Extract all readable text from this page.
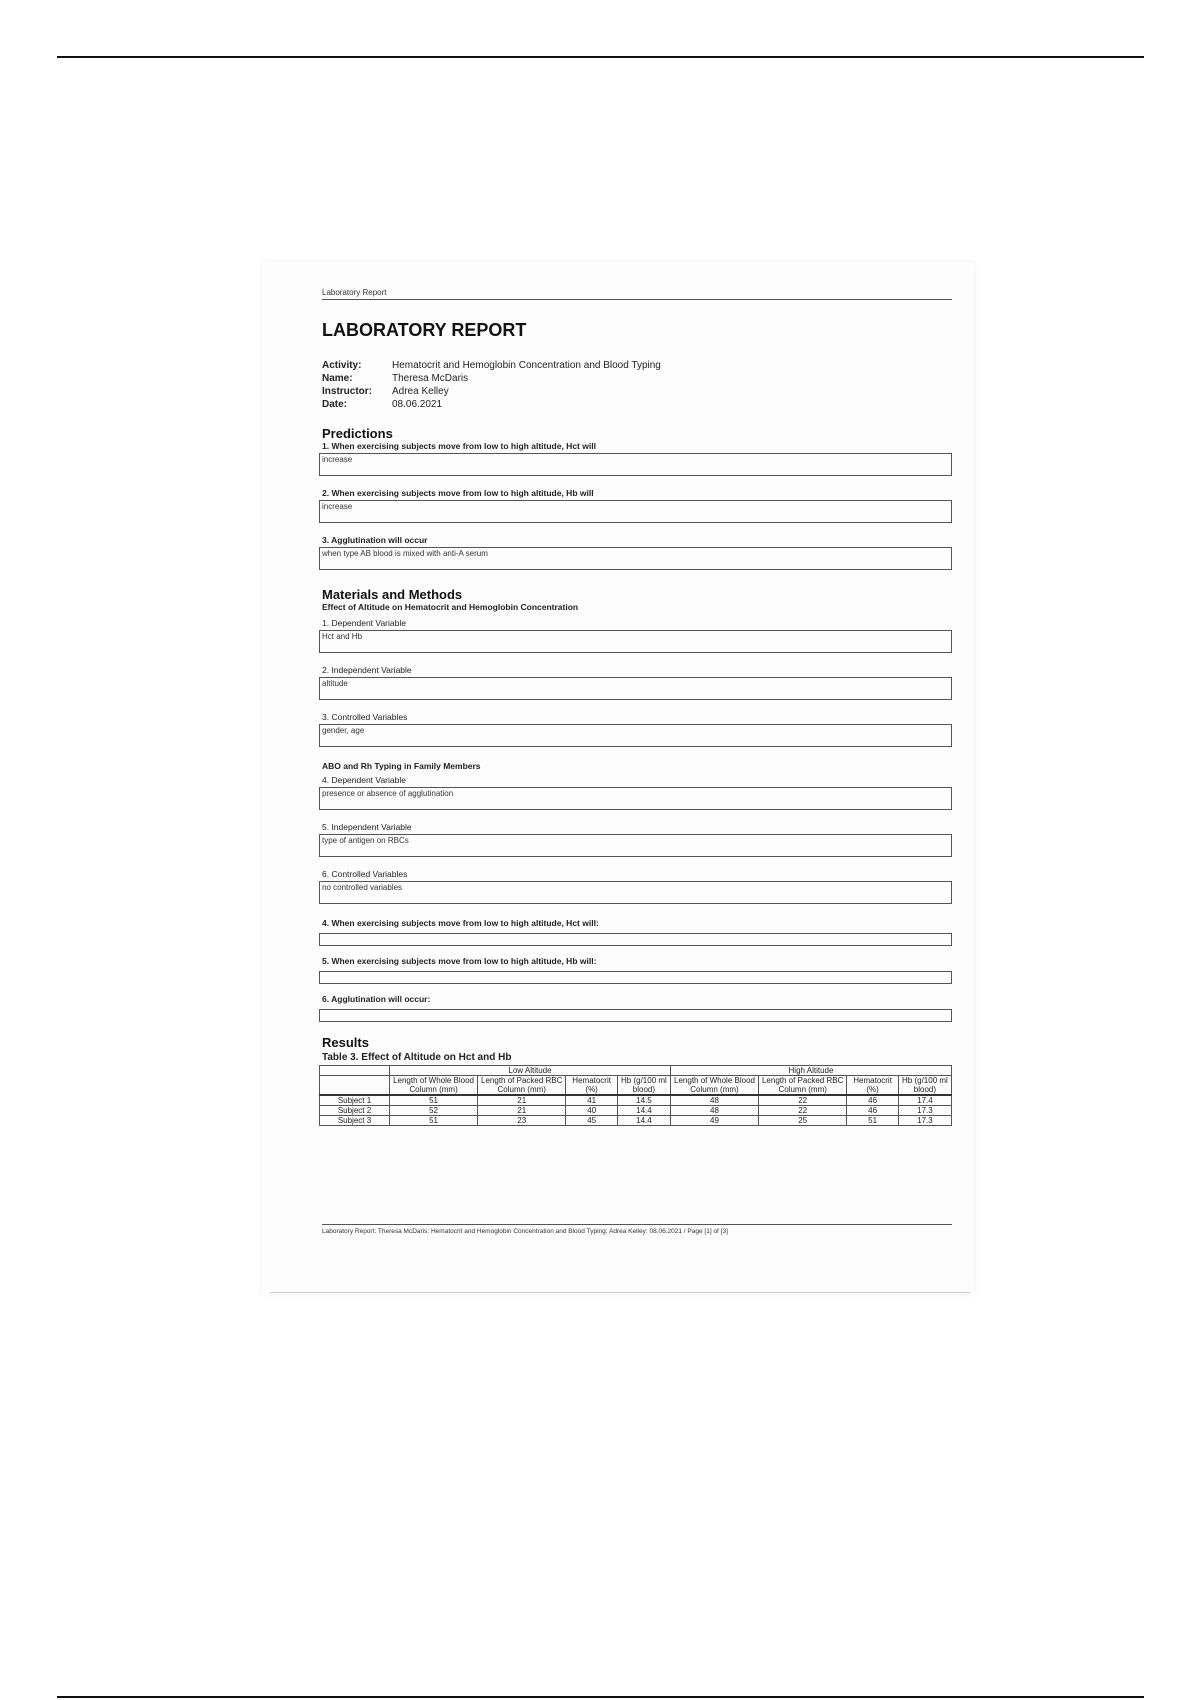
Laboratory Report
LABORATORY REPORT
Activity:	Hematocrit and Hemoglobin Concentration and Blood Typing
Name:	Theresa McDaris
Instructor:	Adrea Kelley
Date:	08.06.2021
Predictions
1. When exercising subjects move from low to high altitude, Hct will
increase
2. When exercising subjects move from low to high altitude, Hb will
increase
3. Agglutination will occur
when type AB blood is mixed with anti-A serum
Materials and Methods
Effect of Altitude on Hematocrit and Hemoglobin Concentration
1. Dependent Variable
Hct and Hb
2. Independent Variable
altitude
3. Controlled Variables
gender, age
ABO and Rh Typing in Family Members
4. Dependent Variable
presence or absence of agglutination
5. Independent Variable
type of antigen on RBCs
6. Controlled Variables
no controlled variables
4. When exercising subjects move from low to high altitude, Hct will:
5. When exercising subjects move from low to high altitude, Hb will:
6. Agglutination will occur:
Results
Table 3. Effect of Altitude on Hct and Hb
	Low Altitude				High Altitude			
	Length of Whole Blood Column (mm)	Length of Packed RBC Column (mm)	Hematocrit (%)	Hb (g/100 ml blood)	Length of Whole Blood Column (mm)	Length of Packed RBC Column (mm)	Hematocrit (%)	Hb (g/100 ml blood)
Subject 1	51	21	41	14.5	48	22	46	17.4
Subject 2	52	21	40	14.4	48	22	46	17.3
Subject 3	51	23	45	14.4	49	25	51	17.3
Laboratory Report: Theresa McDaris: Hematocrit and Hemoglobin Concentration and Blood Typing: Adrea Kelley: 08.06.2021 / Page [1] of [3]
